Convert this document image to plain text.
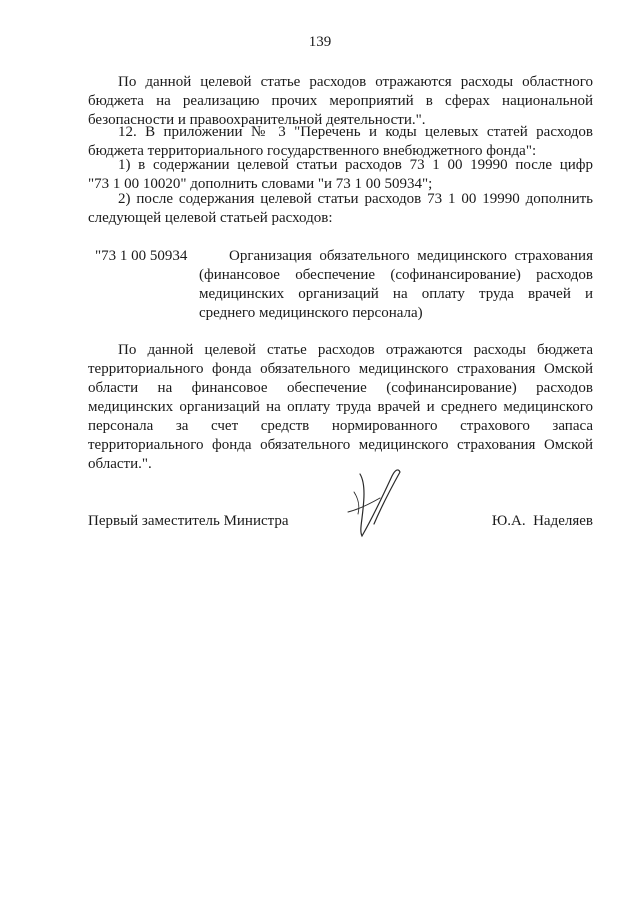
139
По данной целевой статье расходов отражаются расходы областного
бюджета на реализацию прочих мероприятий в сферах национальной
безопасности и правоохранительной деятельности.".
12. В приложении № 3 "Перечень и коды целевых статей расходов
бюджета территориального государственного внебюджетного фонда":
1) в содержании целевой статьи расходов 73 1 00 19990 после цифр
"73 1 00 10020" дополнить словами "и 73 1 00 50934";
2) после содержания целевой статьи расходов 73 1 00 19990 дополнить
следующей целевой статьей расходов:
"73 1 00 50934	Организация обязательного медицинского страхования
(финансовое обеспечение (софинансирование) расходов
медицинских организаций на оплату труда врачей и
среднего медицинского персонала)
По данной целевой статье расходов отражаются расходы бюджета
территориального фонда обязательного медицинского страхования Омской
области на финансовое обеспечение (софинансирование) расходов
медицинских организаций на оплату труда врачей и среднего медицинского
персонала за счет средств нормированного страхового запаса
территориального фонда обязательного медицинского страхования Омской
области.".
Первый заместитель Министра	Ю.А.  Наделяев
